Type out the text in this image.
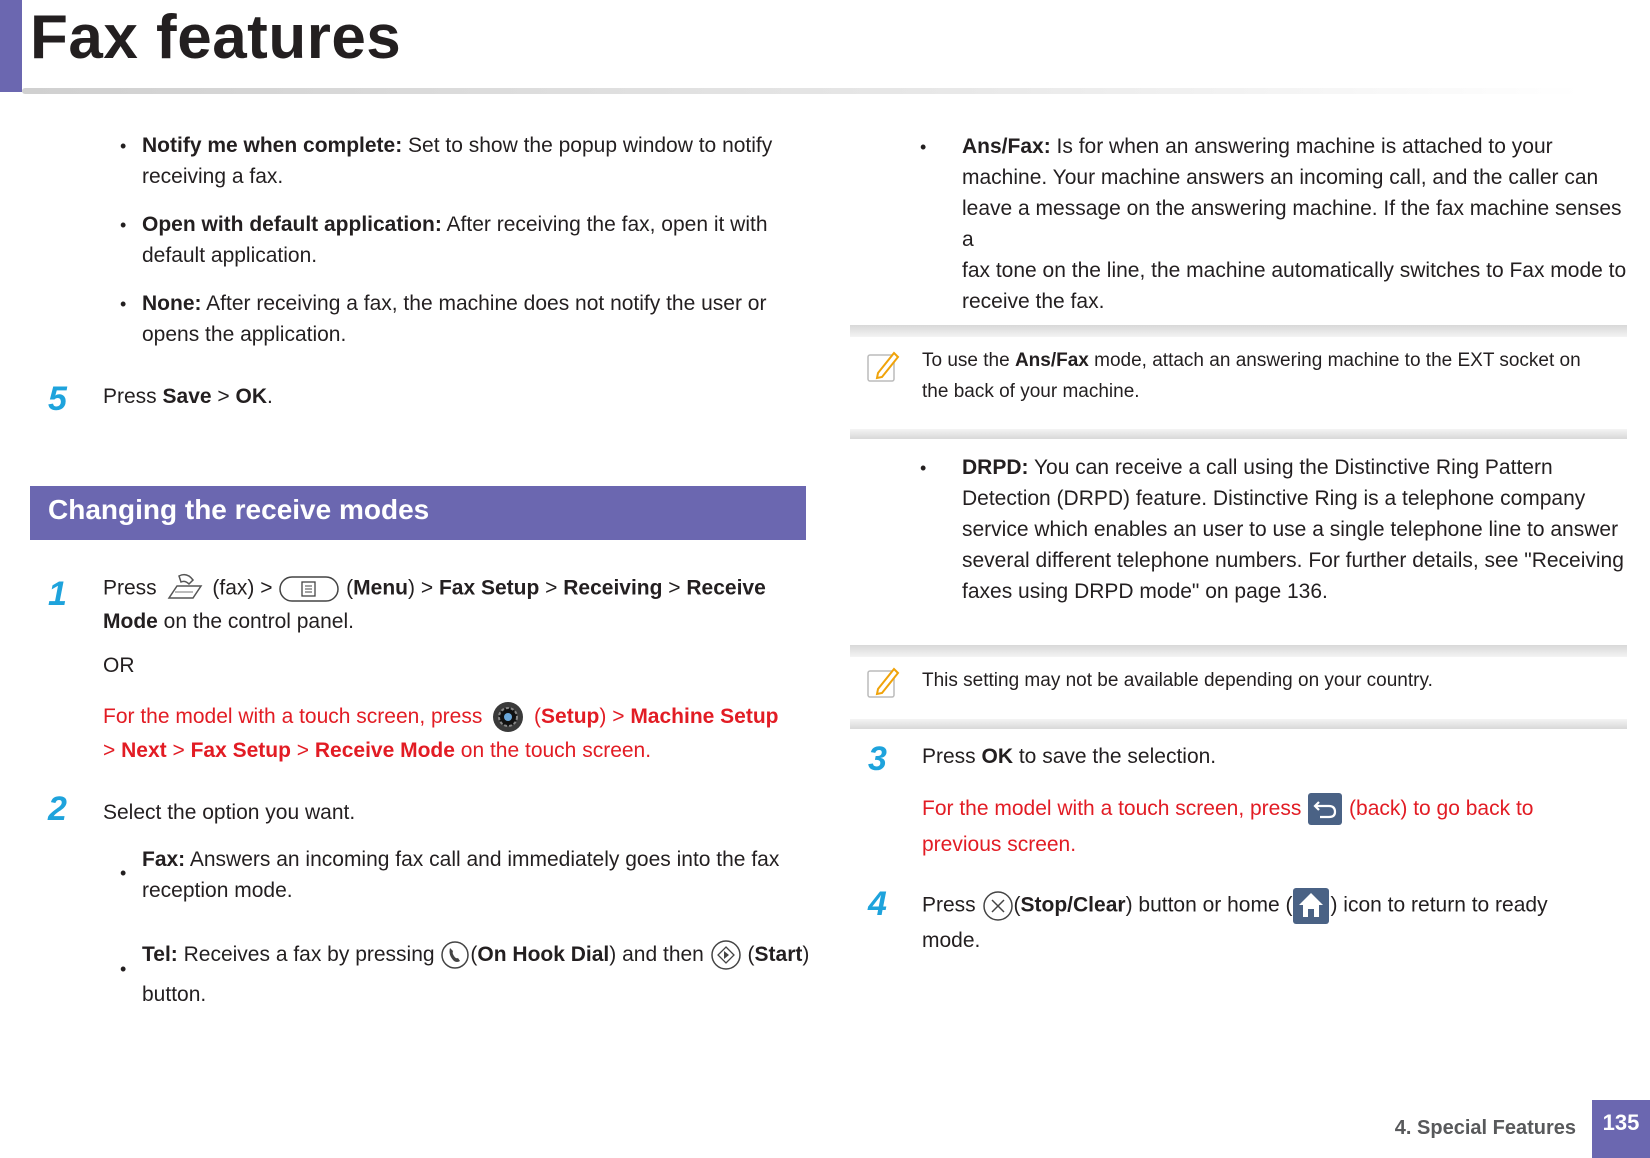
Fax features
• Notify me when complete: Set to show the popup window to notify
receiving a fax.
• Open with default application: After receiving the fax, open it with
default application.
• None: After receiving a fax, the machine does not notify the user or
opens the application.
5 Press Save > OK.
Changing the receive modes
1 Press	(fax) >	(Menu) > Fax Setup > Receiving > Receive
Mode on the control panel.
OR
For the model with a touch screen, press (Setup) > Machine Setup
> Next > Fax Setup > Receive Mode on the touch screen.
2 Select the option you want.
•
Fax: Answers an incoming fax call and immediately goes into the fax
reception mode.
•
Tel: Receives a fax by pressing (On Hook Dial) and then (Start)
button.
• Ans/Fax: Is for when an answering machine is attached to your
machine. Your machine answers an incoming call, and the caller can
leave a message on the answering machine. If the fax machine senses a
fax tone on the line, the machine automatically switches to Fax mode to
receive the fax.
To use the Ans/Fax mode, attach an answering machine to the EXT socket on
the back of your machine.
• DRPD: You can receive a call using the Distinctive Ring Pattern
Detection (DRPD) feature. Distinctive Ring is a telephone company
service which enables an user to use a single telephone line to answer
several different telephone numbers. For further details, see "Receiving
faxes using DRPD mode" on page 136.
This setting may not be available depending on your country.
3 Press OK to save the selection.
For the model with a touch screen, press (back) to go back to
previous screen.
4 Press (Stop/Clear) button or home ( ) icon to return to ready
mode.
4. Special Features	135
